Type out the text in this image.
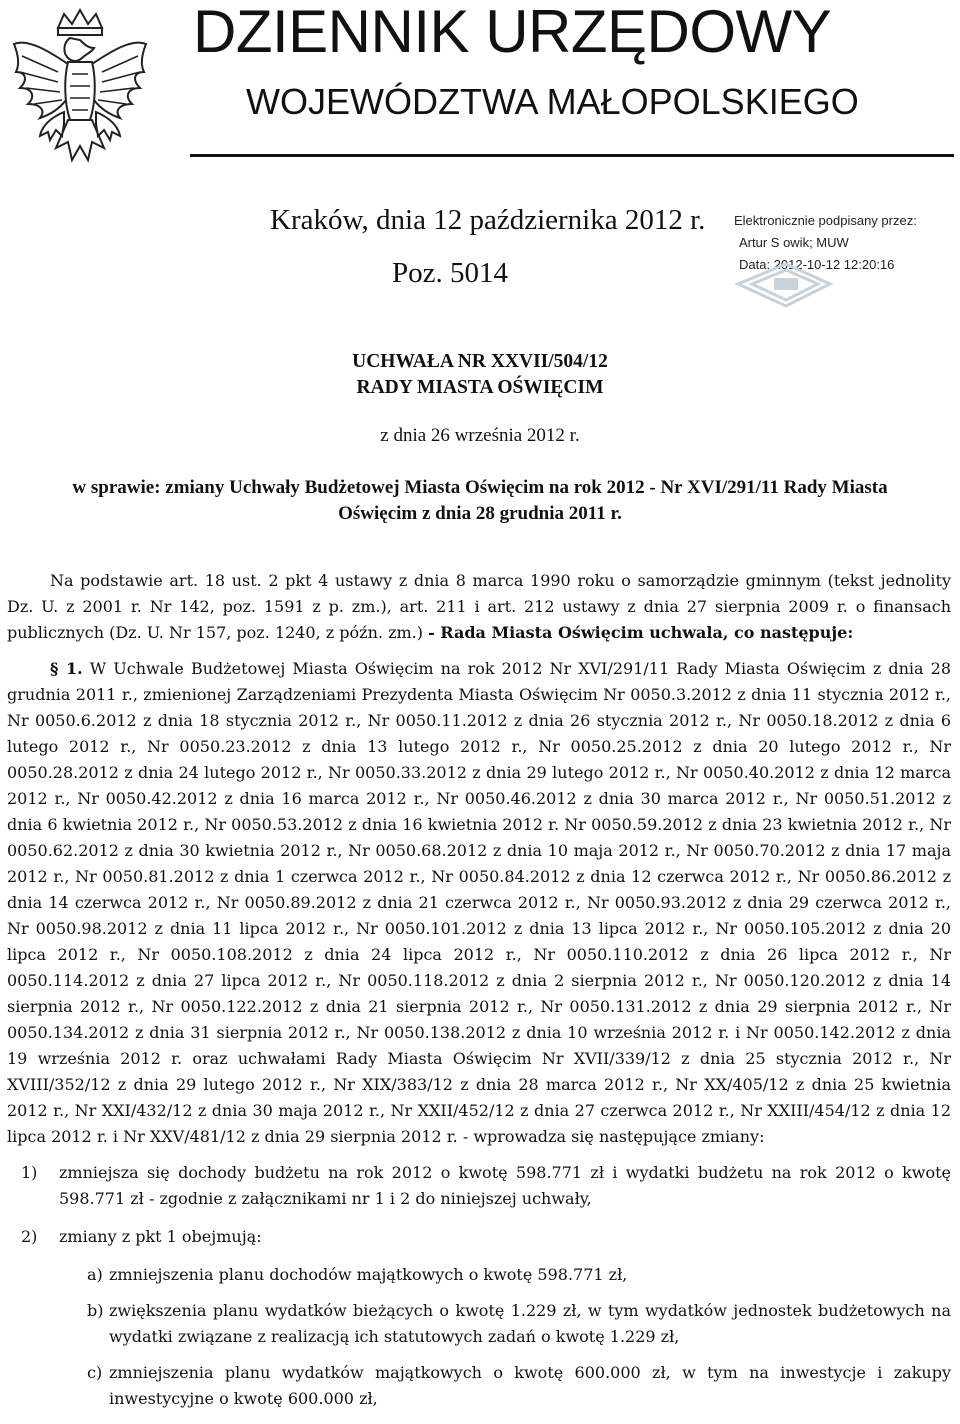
DZIENNIK URZĘDOWY
WOJEWÓDZTWA MAŁOPOLSKIEGO
Kraków, dnia 12 października 2012 r.
Poz. 5014
Elektronicznie podpisany przez:
Artur S owik; MUW
Data: 2012-10-12 12:20:16
UCHWAŁA NR XXVII/504/12
RADY MIASTA OŚWIĘCIM
z dnia 26 września 2012 r.
w sprawie: zmiany Uchwały Budżetowej Miasta Oświęcim na rok 2012 - Nr XVI/291/11 Rady Miasta
Oświęcim z dnia 28 grudnia 2011 r.

Na podstawie art. 18 ust. 2 pkt 4 ustawy z dnia 8 marca 1990 roku o samorządzie gminnym (tekst jednolity Dz. U. z 2001 r. Nr 142, poz. 1591 z p. zm.), art. 211 i art. 212 ustawy z dnia 27 sierpnia 2009 r. o finansach publicznych (Dz. U. Nr 157, poz. 1240, z późn. zm.) - Rada Miasta Oświęcim uchwala, co następuje:

§ 1. W Uchwale Budżetowej Miasta Oświęcim na rok 2012 Nr XVI/291/11 Rady Miasta Oświęcim z dnia 28 grudnia 2011 r., zmienionej Zarządzeniami Prezydenta Miasta Oświęcim Nr 0050.3.2012 z dnia 11 stycznia 2012 r., Nr 0050.6.2012 z dnia 18 stycznia 2012 r., Nr 0050.11.2012 z dnia 26 stycznia 2012 r., Nr 0050.18.2012 z dnia 6 lutego 2012 r., Nr 0050.23.2012 z dnia 13 lutego 2012 r., Nr 0050.25.2012 z dnia 20 lutego 2012 r., Nr 0050.28.2012 z dnia 24 lutego 2012 r., Nr 0050.33.2012 z dnia 29 lutego 2012 r., Nr 0050.40.2012 z dnia 12 marca 2012 r., Nr 0050.42.2012 z dnia 16 marca 2012 r., Nr 0050.46.2012 z dnia 30 marca 2012 r., Nr 0050.51.2012 z dnia 6 kwietnia 2012 r., Nr 0050.53.2012 z dnia 16 kwietnia 2012 r. Nr 0050.59.2012 z dnia 23 kwietnia 2012 r., Nr 0050.62.2012 z dnia 30 kwietnia 2012 r., Nr 0050.68.2012 z dnia 10 maja 2012 r., Nr 0050.70.2012 z dnia 17 maja 2012 r., Nr 0050.81.2012 z dnia 1 czerwca 2012 r., Nr 0050.84.2012 z dnia 12 czerwca 2012 r., Nr 0050.86.2012 z dnia 14 czerwca 2012 r., Nr 0050.89.2012 z dnia 21 czerwca 2012 r., Nr 0050.93.2012 z dnia 29 czerwca 2012 r., Nr 0050.98.2012 z dnia 11 lipca 2012 r., Nr 0050.101.2012 z dnia 13 lipca 2012 r., Nr 0050.105.2012 z dnia 20 lipca 2012 r., Nr 0050.108.2012 z dnia 24 lipca 2012 r., Nr 0050.110.2012 z dnia 26 lipca 2012 r., Nr 0050.114.2012 z dnia 27 lipca 2012 r., Nr 0050.118.2012 z dnia 2 sierpnia 2012 r., Nr 0050.120.2012 z dnia 14 sierpnia 2012 r., Nr 0050.122.2012 z dnia 21 sierpnia 2012 r., Nr 0050.131.2012 z dnia 29 sierpnia 2012 r., Nr 0050.134.2012 z dnia 31 sierpnia 2012 r., Nr 0050.138.2012 z dnia 10 września 2012 r. i Nr 0050.142.2012 z dnia 19 września 2012 r. oraz uchwałami Rady Miasta Oświęcim Nr XVII/339/12 z dnia 25 stycznia 2012 r., Nr XVIII/352/12 z dnia 29 lutego 2012 r., Nr XIX/383/12 z dnia 28 marca 2012 r., Nr XX/405/12 z dnia 25 kwietnia 2012 r., Nr XXI/432/12 z dnia 30 maja 2012 r., Nr XXII/452/12 z dnia 27 czerwca 2012 r., Nr XXIII/454/12 z dnia 12 lipca 2012 r. i Nr XXV/481/12 z dnia 29 sierpnia 2012 r. - wprowadza się następujące zmiany:

1) zmniejsza się dochody budżetu na rok 2012 o kwotę 598.771 zł i wydatki budżetu na rok 2012 o kwotę 598.771 zł - zgodnie z załącznikami nr 1 i 2 do niniejszej uchwały,
2) zmiany z pkt 1 obejmują:
a) zmniejszenia planu dochodów majątkowych o kwotę 598.771 zł,
b) zwiększenia planu wydatków bieżących o kwotę 1.229 zł, w tym wydatków jednostek budżetowych na wydatki związane z realizacją ich statutowych zadań o kwotę 1.229 zł,
c) zmniejszenia planu wydatków majątkowych o kwotę 600.000 zł, w tym na inwestycje i zakupy inwestycyjne o kwotę 600.000 zł,
